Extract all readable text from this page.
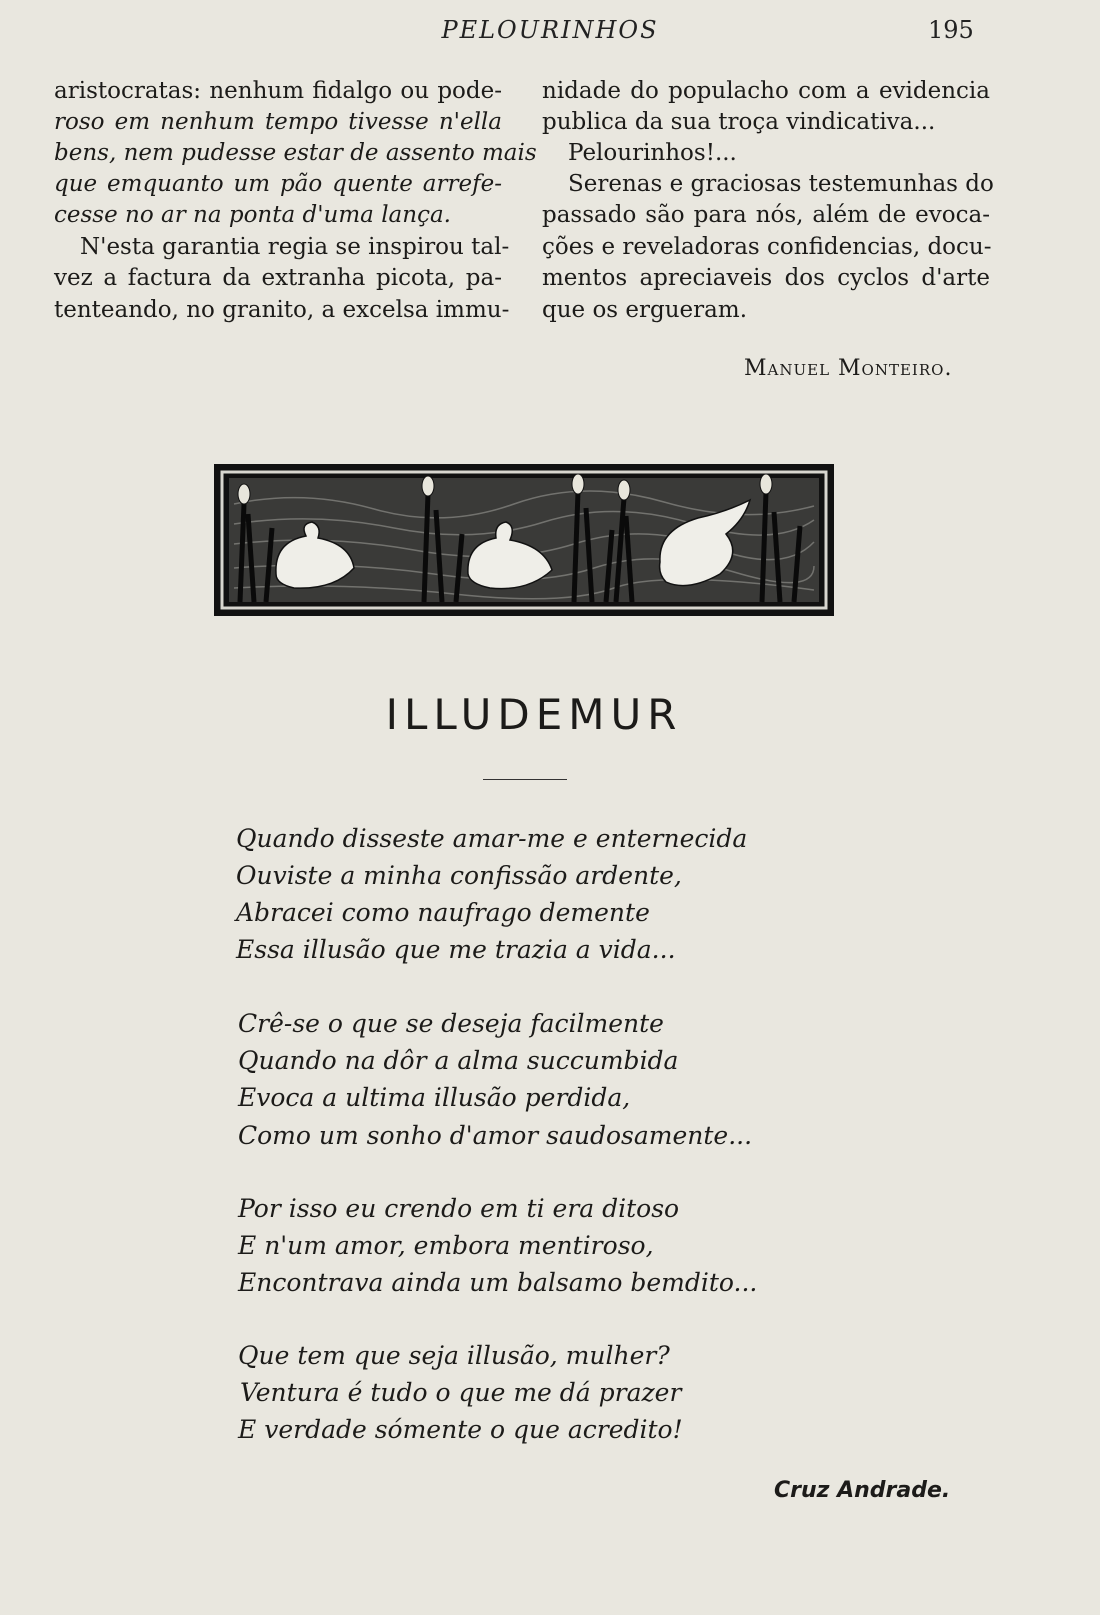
PELOURINHOS	195
aristocratas: nenhum fidalgo ou pode-
roso em nenhum tempo tivesse n'ella
bens, nem pudesse estar de assento mais
que emquanto um pão quente arrefe-
cesse no ar na ponta d'uma lança.
N'esta garantia regia se inspirou tal-
vez a factura da extranha picota, pa-
tenteando, no granito, a excelsa immu-
nidade do populacho com a evidencia
publica da sua troça vindicativa...
Pelourinhos!...
Serenas e graciosas testemunhas do
passado são para nós, além de evoca-
ções e reveladoras confidencias, docu-
mentos apreciaveis dos cyclos d'arte
que os ergueram.
Manuel Monteiro.
ILLUDEMUR
Quando disseste amar-me e enternecida
Ouviste a minha confissão ardente,
Abracei como naufrago demente
Essa illusão que me trazia a vida...
Crê-se o que se deseja facilmente
Quando na dôr a alma succumbida
Evoca a ultima illusão perdida,
Como um sonho d'amor saudosamente...
Por isso eu crendo em ti era ditoso
E n'um amor, embora mentiroso,
Encontrava ainda um balsamo bemdito...
Que tem que seja illusão, mulher?
Ventura é tudo o que me dá prazer
E verdade sómente o que acredito!
Cruz Andrade.
